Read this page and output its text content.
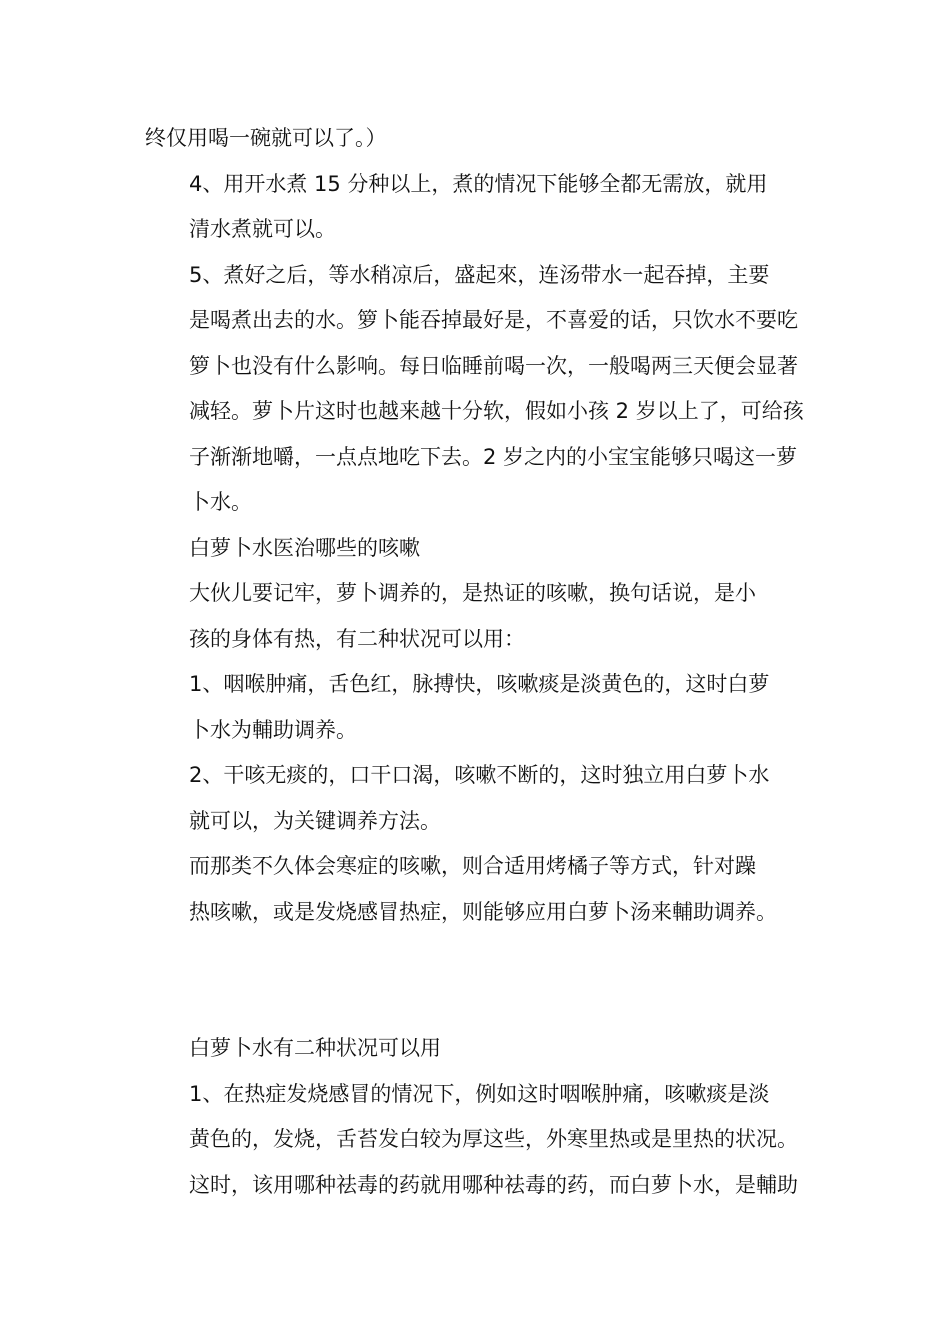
终仅用喝一碗就可以了。）

4、用开水煮 15 分种以上，煮的情况下能够全都无需放，就用
清水煮就可以。

5、煮好之后，等水稍凉后，盛起來，连汤带水一起吞掉，主要
是喝煮出去的水。箩卜能吞掉最好是，不喜爱的话，只饮水不要吃
箩卜也没有什么影响。每日临睡前喝一次，一般喝两三天便会显著
减轻。萝卜片这时也越来越十分软，假如小孩 2 岁以上了，可给孩
子渐渐地嚼，一点点地吃下去。2 岁之内的小宝宝能够只喝这一萝
卜水。

白萝卜水医治哪些的咳嗽

大伙儿要记牢，萝卜调养的，是热证的咳嗽，换句话说，是小
孩的身体有热，有二种状况可以用：

1、咽喉肿痛，舌色红，脉搏快，咳嗽痰是淡黄色的，这时白萝
卜水为輔助调养。

2、干咳无痰的，口干口渴，咳嗽不断的，这时独立用白萝卜水
就可以，为关键调养方法。

而那类不久体会寒症的咳嗽，则合适用烤橘子等方式，针对躁
热咳嗽，或是发烧感冒热症，则能够应用白萝卜汤来輔助调养。

白萝卜水有二种状况可以用

1、在热症发烧感冒的情况下，例如这时咽喉肿痛，咳嗽痰是淡
黄色的，发烧，舌苔发白较为厚这些，外寒里热或是里热的状况。
这时，该用哪种祛毒的药就用哪种祛毒的药，而白萝卜水，是輔助
